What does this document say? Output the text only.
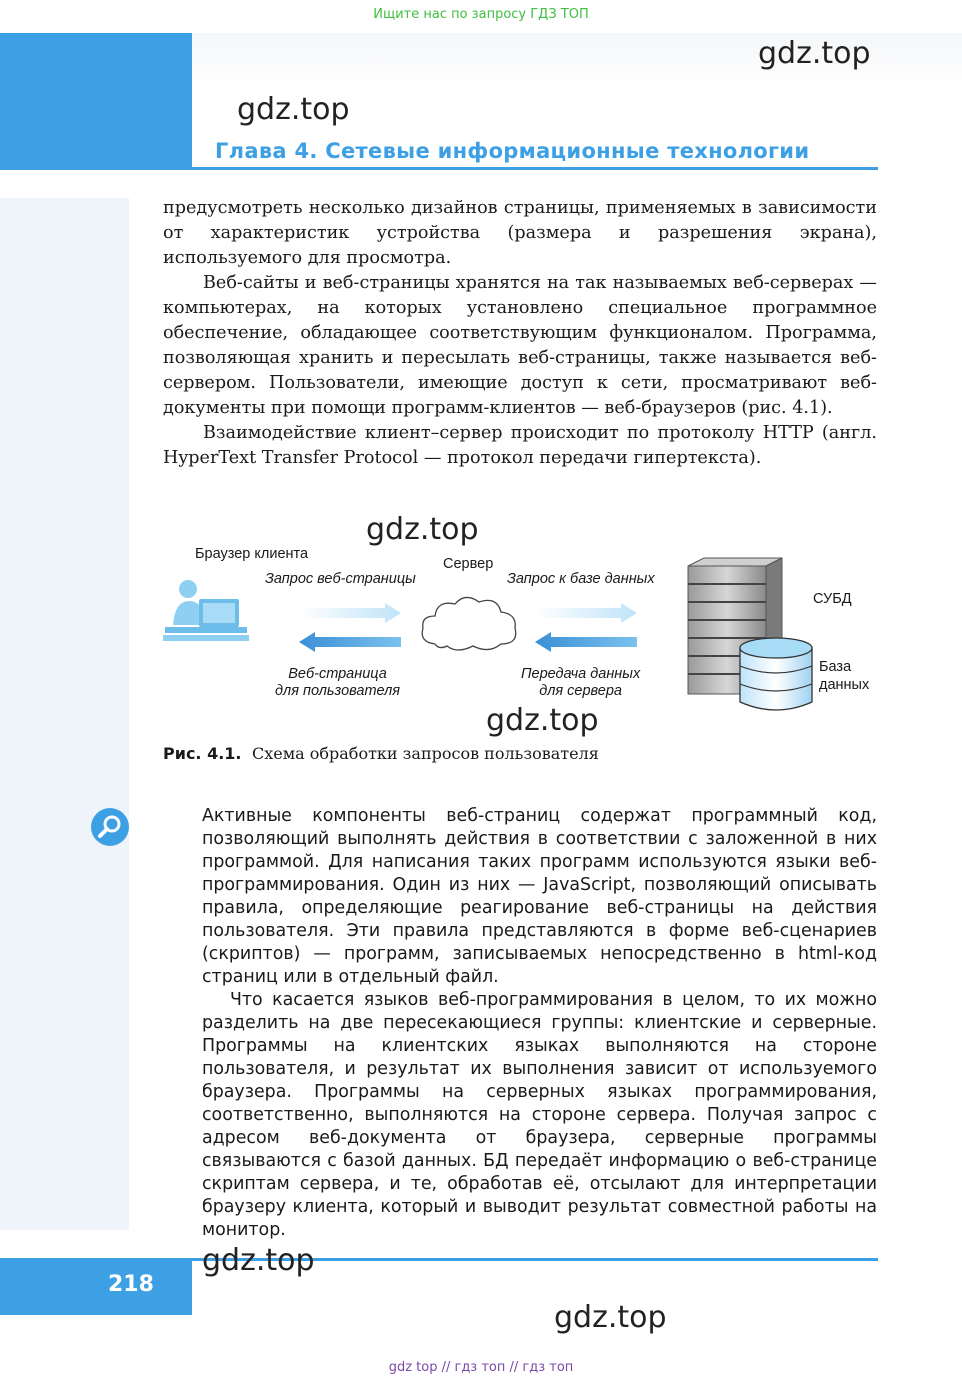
Ищите нас по запросу ГДЗ ТОП
gdz.top
gdz.top
Глава 4. Сетевые информационные технологии

предусмотреть несколько дизайнов страницы, применяемых в зависимости от характеристик устройства (размера и разрешения экрана), используемого для просмотра.

Веб-сайты и веб-страницы хранятся на так называемых веб-серверах — компьютерах, на которых установлено специальное программное обеспечение, обладающее соответствующим функционалом. Программа, позволяющая хранить и пересылать веб-страницы, также называется веб-сервером. Пользователи, имеющие доступ к сети, просматривают веб-документы при помощи программ-клиентов — веб-браузеров (рис. 4.1).

Взаимодействие клиент–сервер происходит по протоколу HTTP (англ. HyperText Transfer Protocol — протокол передачи гипертекста).

gdz.top
Браузер клиента
Запрос веб-страницы
Сервер
Запрос к базе данных
СУБД
Веб-страница
для пользователя
Передача данных
для сервера
База
данных
gdz.top
Рис. 4.1. Схема обработки запросов пользователя

Активные компоненты веб-страниц содержат программный код, позволяющий выполнять действия в соответствии с заложенной в них программой. Для написания таких программ используются языки веб-программирования. Один из них — JavaScript, позволяющий описывать правила, определяющие реагирование веб-страницы на действия пользователя. Эти правила представляются в форме веб-сценариев (скриптов) — программ, записываемых непосредственно в html-код страниц или в отдельный файл.

Что касается языков веб-программирования в целом, то их можно разделить на две пересекающиеся группы: клиентские и серверные. Программы на клиентских языках выполняются на стороне пользователя, и результат их выполнения зависит от используемого браузера. Программы на серверных языках программирования, соответственно, выполняются на стороне сервера. Получая запрос с адресом веб-документа от браузера, серверные программы связываются с базой данных. БД передаёт информацию о веб-странице скриптам сервера, и те, обработав её, отсылают для интерпретации браузеру клиента, который и выводит результат совместной работы на монитор.

218
gdz.top
gdz.top
gdz top // гдз топ // гдз топ
